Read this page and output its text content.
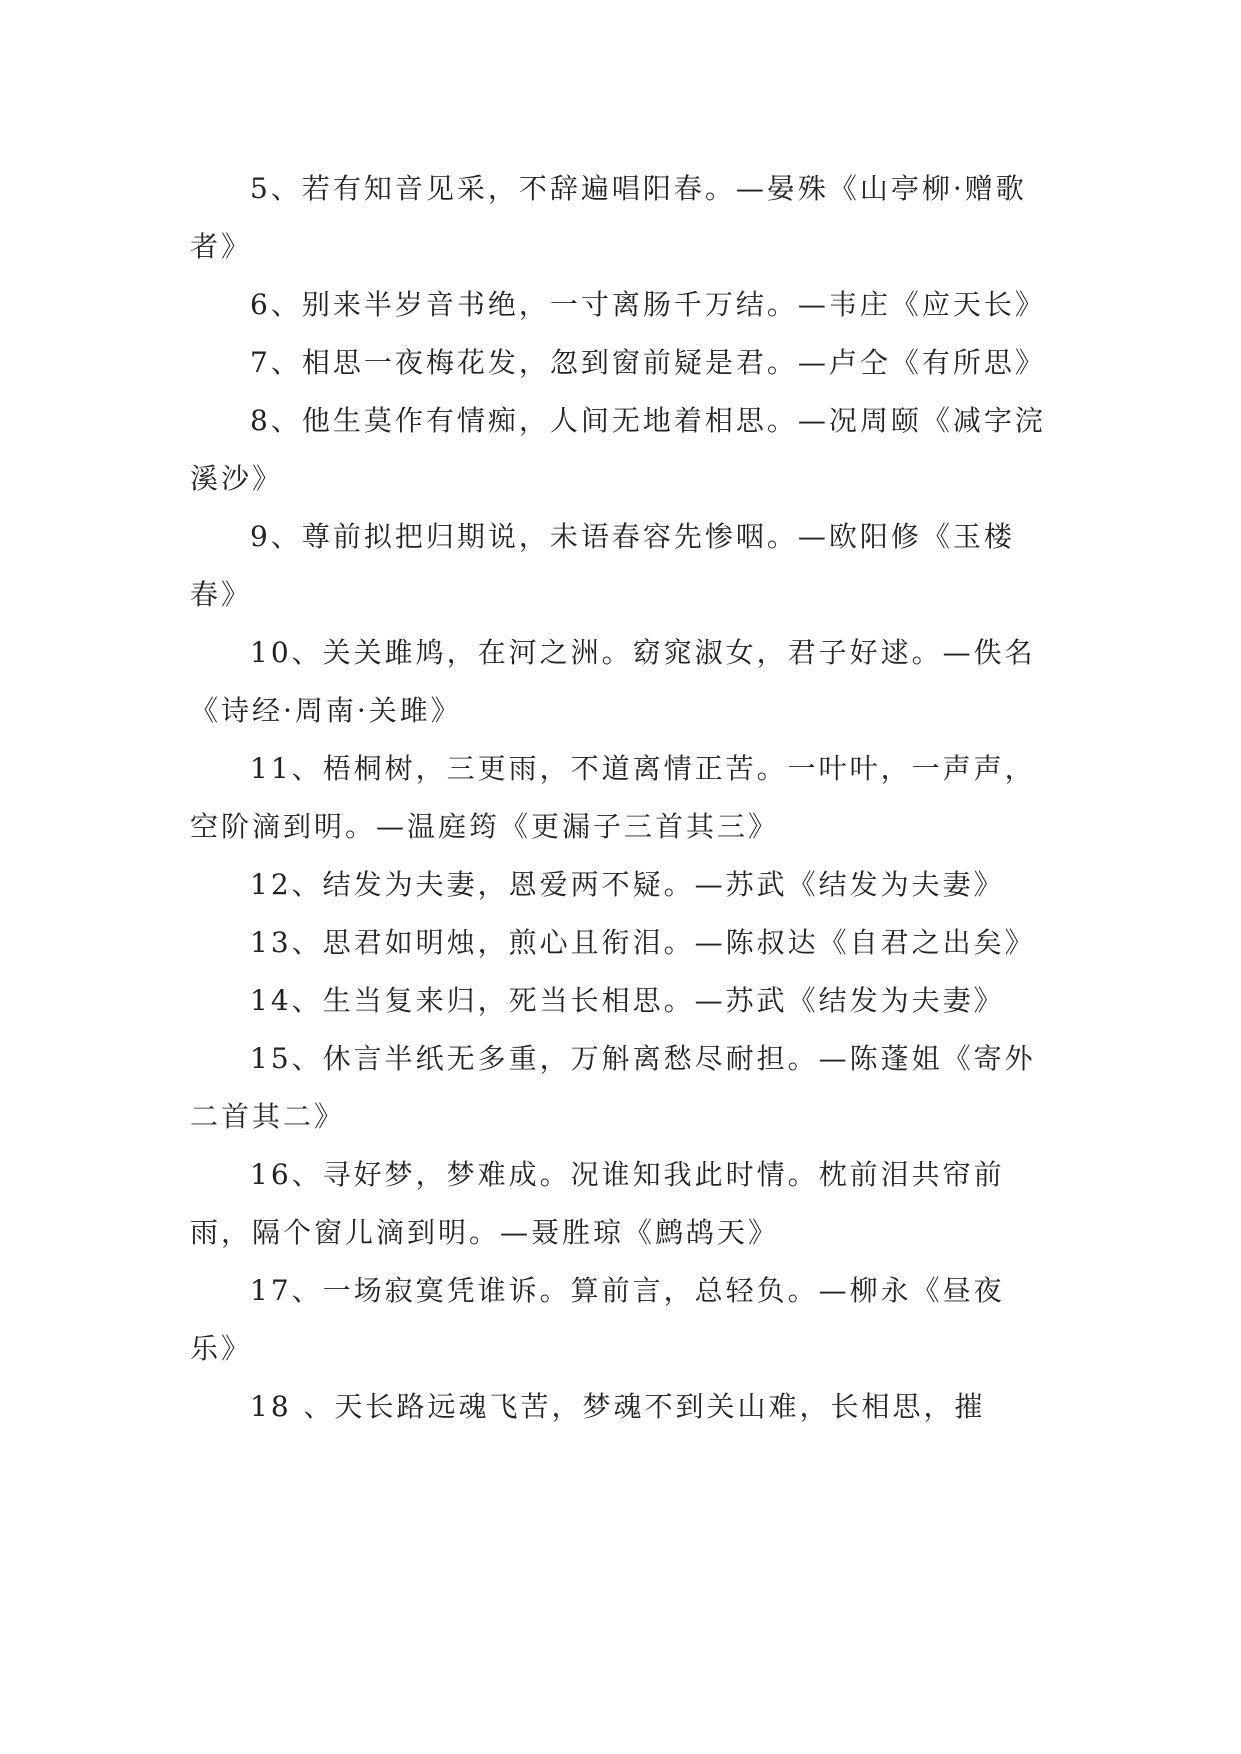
5、若有知音见采，不辞遍唱阳春。—晏殊《山亭柳·赠歌者》

6、别来半岁音书绝，一寸离肠千万结。—韦庄《应天长》

7、相思一夜梅花发，忽到窗前疑是君。—卢仝《有所思》

8、他生莫作有情痴，人间无地着相思。—况周颐《减字浣溪沙》

9、尊前拟把归期说，未语春容先惨咽。—欧阳修《玉楼春》

10、关关雎鸠，在河之洲。窈窕淑女，君子好逑。—佚名《诗经·周南·关雎》

11、梧桐树，三更雨，不道离情正苦。一叶叶，一声声，空阶滴到明。—温庭筠《更漏子三首其三》

12、结发为夫妻，恩爱两不疑。—苏武《结发为夫妻》

13、思君如明烛，煎心且衔泪。—陈叔达《自君之出矣》

14、生当复来归，死当长相思。—苏武《结发为夫妻》

15、休言半纸无多重，万斛离愁尽耐担。—陈蓬姐《寄外二首其二》

16、寻好梦，梦难成。况谁知我此时情。枕前泪共帘前雨，隔个窗儿滴到明。—聂胜琼《鹧鸪天》

17、一场寂寞凭谁诉。算前言，总轻负。—柳永《昼夜乐》

18 、天长路远魂飞苦，梦魂不到关山难，长相思，摧
